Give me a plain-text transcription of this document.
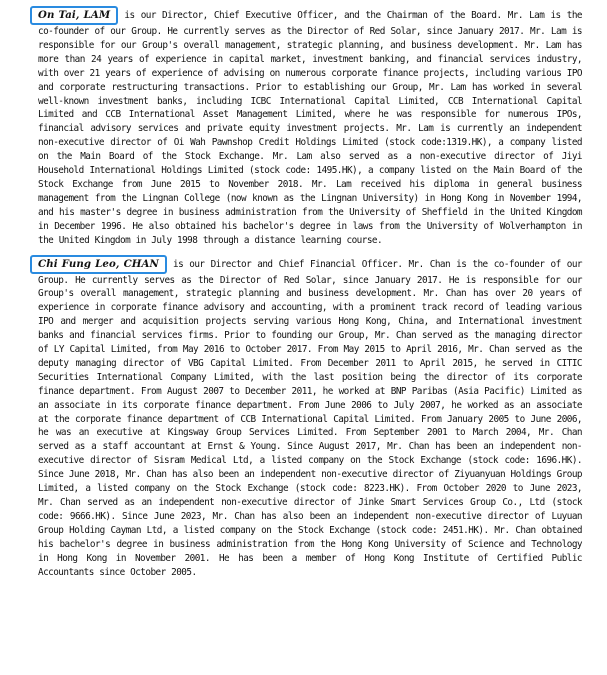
On Tai, LAM is our Director, Chief Executive Officer, and the Chairman of the Board. Mr. Lam is the co-founder of our Group. He currently serves as the Director of Red Solar, since January 2017. Mr. Lam is responsible for our Group's overall management, strategic planning, and business development. Mr. Lam has more than 24 years of experience in capital market, investment banking, and financial services industry, with over 21 years of experience of advising on numerous corporate finance projects, including various IPO and corporate restructuring transactions. Prior to establishing our Group, Mr. Lam has worked in several well-known investment banks, including ICBC International Capital Limited, CCB International Capital Limited and CCB International Asset Management Limited, where he was responsible for numerous IPOs, financial advisory services and private equity investment projects. Mr. Lam is currently an independent non-executive director of Oi Wah Pawnshop Credit Holdings Limited (stock code:1319.HK), a company listed on the Main Board of the Stock Exchange. Mr. Lam also served as a non-executive director of Jiyi Household International Holdings Limited (stock code: 1495.HK), a company listed on the Main Board of the Stock Exchange from June 2015 to November 2018. Mr. Lam received his diploma in general business management from the Lingnan College (now known as the Lingnan University) in Hong Kong in November 1994, and his master's degree in business administration from the University of Sheffield in the United Kingdom in December 1996. He also obtained his bachelor's degree in laws from the University of Wolverhampton in the United Kingdom in July 1998 through a distance learning course.

Chi Fung Leo, CHAN is our Director and Chief Financial Officer. Mr. Chan is the co-founder of our Group. He currently serves as the Director of Red Solar, since January 2017. He is responsible for our Group's overall management, strategic planning and business development. Mr. Chan has over 20 years of experience in corporate finance advisory and accounting, with a prominent track record of leading various IPO and merger and acquisition projects serving various Hong Kong, China, and International investment banks and financial services firms. Prior to founding our Group, Mr. Chan served as the managing director of LY Capital Limited, from May 2016 to October 2017. From May 2015 to April 2016, Mr. Chan served as the deputy managing director of VBG Capital Limited. From December 2011 to April 2015, he served in CITIC Securities International Company Limited, with the last position being the director of its corporate finance department. From August 2007 to December 2011, he worked at BNP Paribas (Asia Pacific) Limited as an associate in its corporate finance department. From June 2006 to July 2007, he worked as an associate at the corporate finance department of CCB International Capital Limited. From January 2005 to June 2006, he was an executive at Kingsway Group Services Limited. From September 2001 to March 2004, Mr. Chan served as a staff accountant at Ernst & Young. Since August 2017, Mr. Chan has been an independent non-executive director of Sisram Medical Ltd, a listed company on the Stock Exchange (stock code: 1696.HK). Since June 2018, Mr. Chan has also been an independent non-executive director of Ziyuanyuan Holdings Group Limited, a listed company on the Stock Exchange (stock code: 8223.HK). From October 2020 to June 2023, Mr. Chan served as an independent non-executive director of Jinke Smart Services Group Co., Ltd (stock code: 9666.HK). Since June 2023, Mr. Chan has also been an independent non-executive director of Luyuan Group Holding Cayman Ltd, a listed company on the Stock Exchange (stock code: 2451.HK). Mr. Chan obtained his bachelor's degree in business administration from the Hong Kong University of Science and Technology in Hong Kong in November 2001. He has been a member of Hong Kong Institute of Certified Public Accountants since October 2005.
